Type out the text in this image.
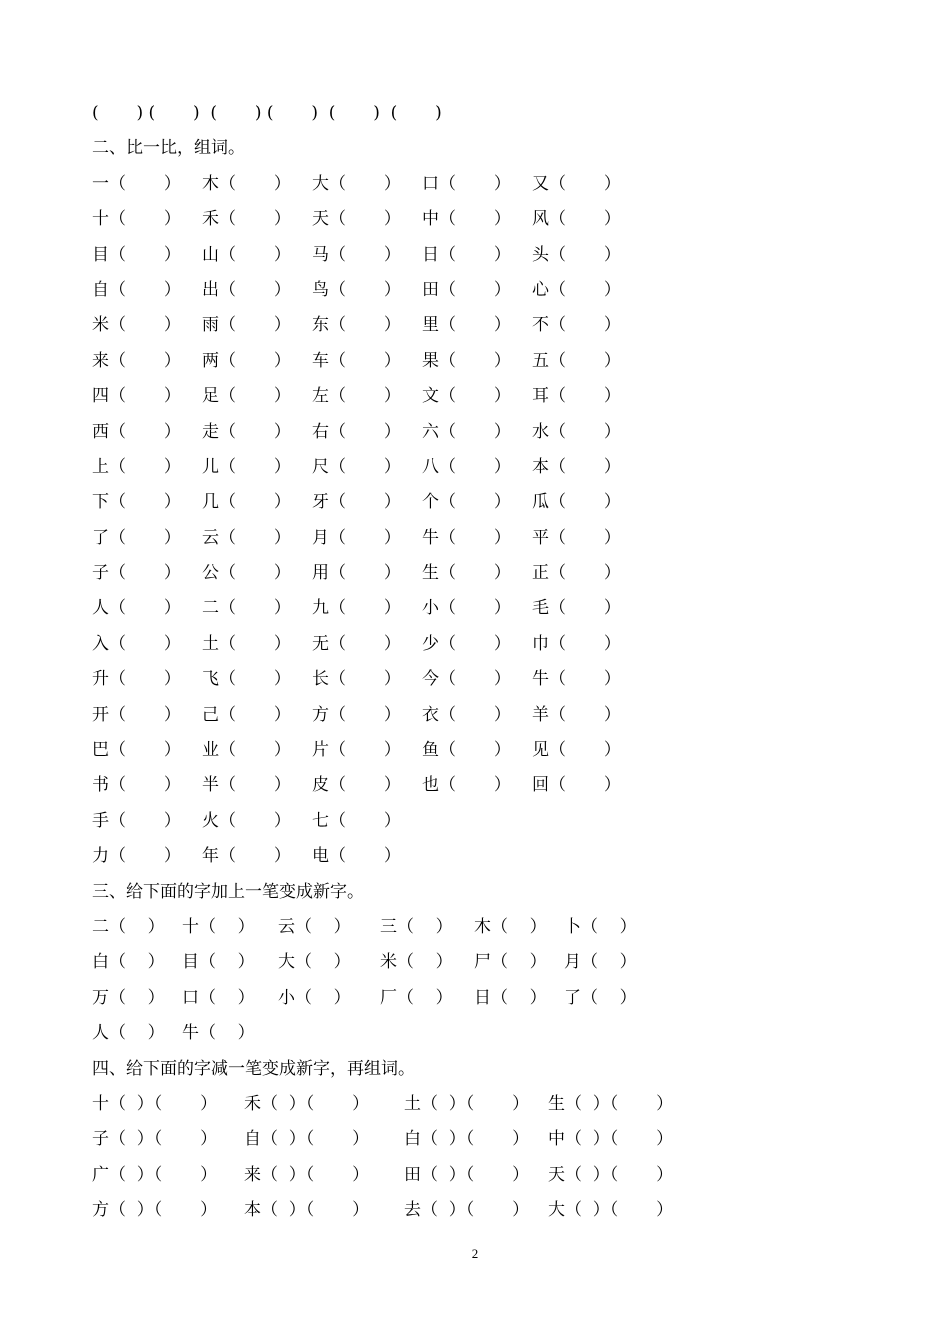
(       ) (       )  (       ) (       )  (       )  (       )
二、比一比，组词。
一（       ） 木（       ） 大（       ） 口（       ） 又（       ）
十（       ） 禾（       ） 天（       ） 中（       ） 风（       ）
目（       ） 山（       ） 马（       ） 日（       ） 头（       ）
自（       ） 出（       ） 鸟（       ） 田（       ） 心（       ）
米（       ） 雨（       ） 东（       ） 里（       ） 不（       ）
来（       ） 两（       ） 车（       ） 果（       ） 五（       ）
四（       ） 足（       ） 左（       ） 文（       ） 耳（       ）
西（       ） 走（       ） 右（       ） 六（       ） 水（       ）
上（       ） 儿（       ） 尺（       ） 八（       ） 本（       ）
下（       ） 几（       ） 牙（       ） 个（       ） 瓜（       ）
了（       ） 云（       ） 月（       ） 牛（       ） 平（       ）
子（       ） 公（       ） 用（       ） 生（       ） 正（       ）
人（       ） 二（       ） 九（       ） 小（       ） 毛（       ）
入（       ） 土（       ） 无（       ） 少（       ） 巾（       ）
升（       ） 飞（       ） 长（       ） 今（       ） 牛（       ）
开（       ） 己（       ） 方（       ） 衣（       ） 羊（       ）
巴（       ） 业（       ） 片（       ） 鱼（       ） 见（       ）
书（       ） 半（       ） 皮（       ） 也（       ） 回（       ）
手（       ） 火（       ） 七（       ）
力（       ） 年（       ） 电（       ）
三、给下面的字加上一笔变成新字。
二（    ） 十（    ） 云（    ） 三（    ） 木（    ） 卜（    ）
白（    ） 目（    ） 大（    ） 米（    ） 尸（    ） 月（    ）
万（    ） 口（    ） 小（    ） 厂（    ） 日（    ） 了（    ）
人（    ） 牛（    ）
四、给下面的字减一笔变成新字，再组词。
十（  ）（       ） 禾（  ）（       ） 土（  ）（       ） 生（  ）（       ）
子（  ）（       ） 自（  ）（       ） 白（  ）（       ） 中（  ）（       ）
广（  ）（       ） 来（  ）（       ） 田（  ）（       ） 天（  ）（       ）
方（  ）（       ） 本（  ）（       ） 去（  ）（       ） 大（  ）（       ）
2
